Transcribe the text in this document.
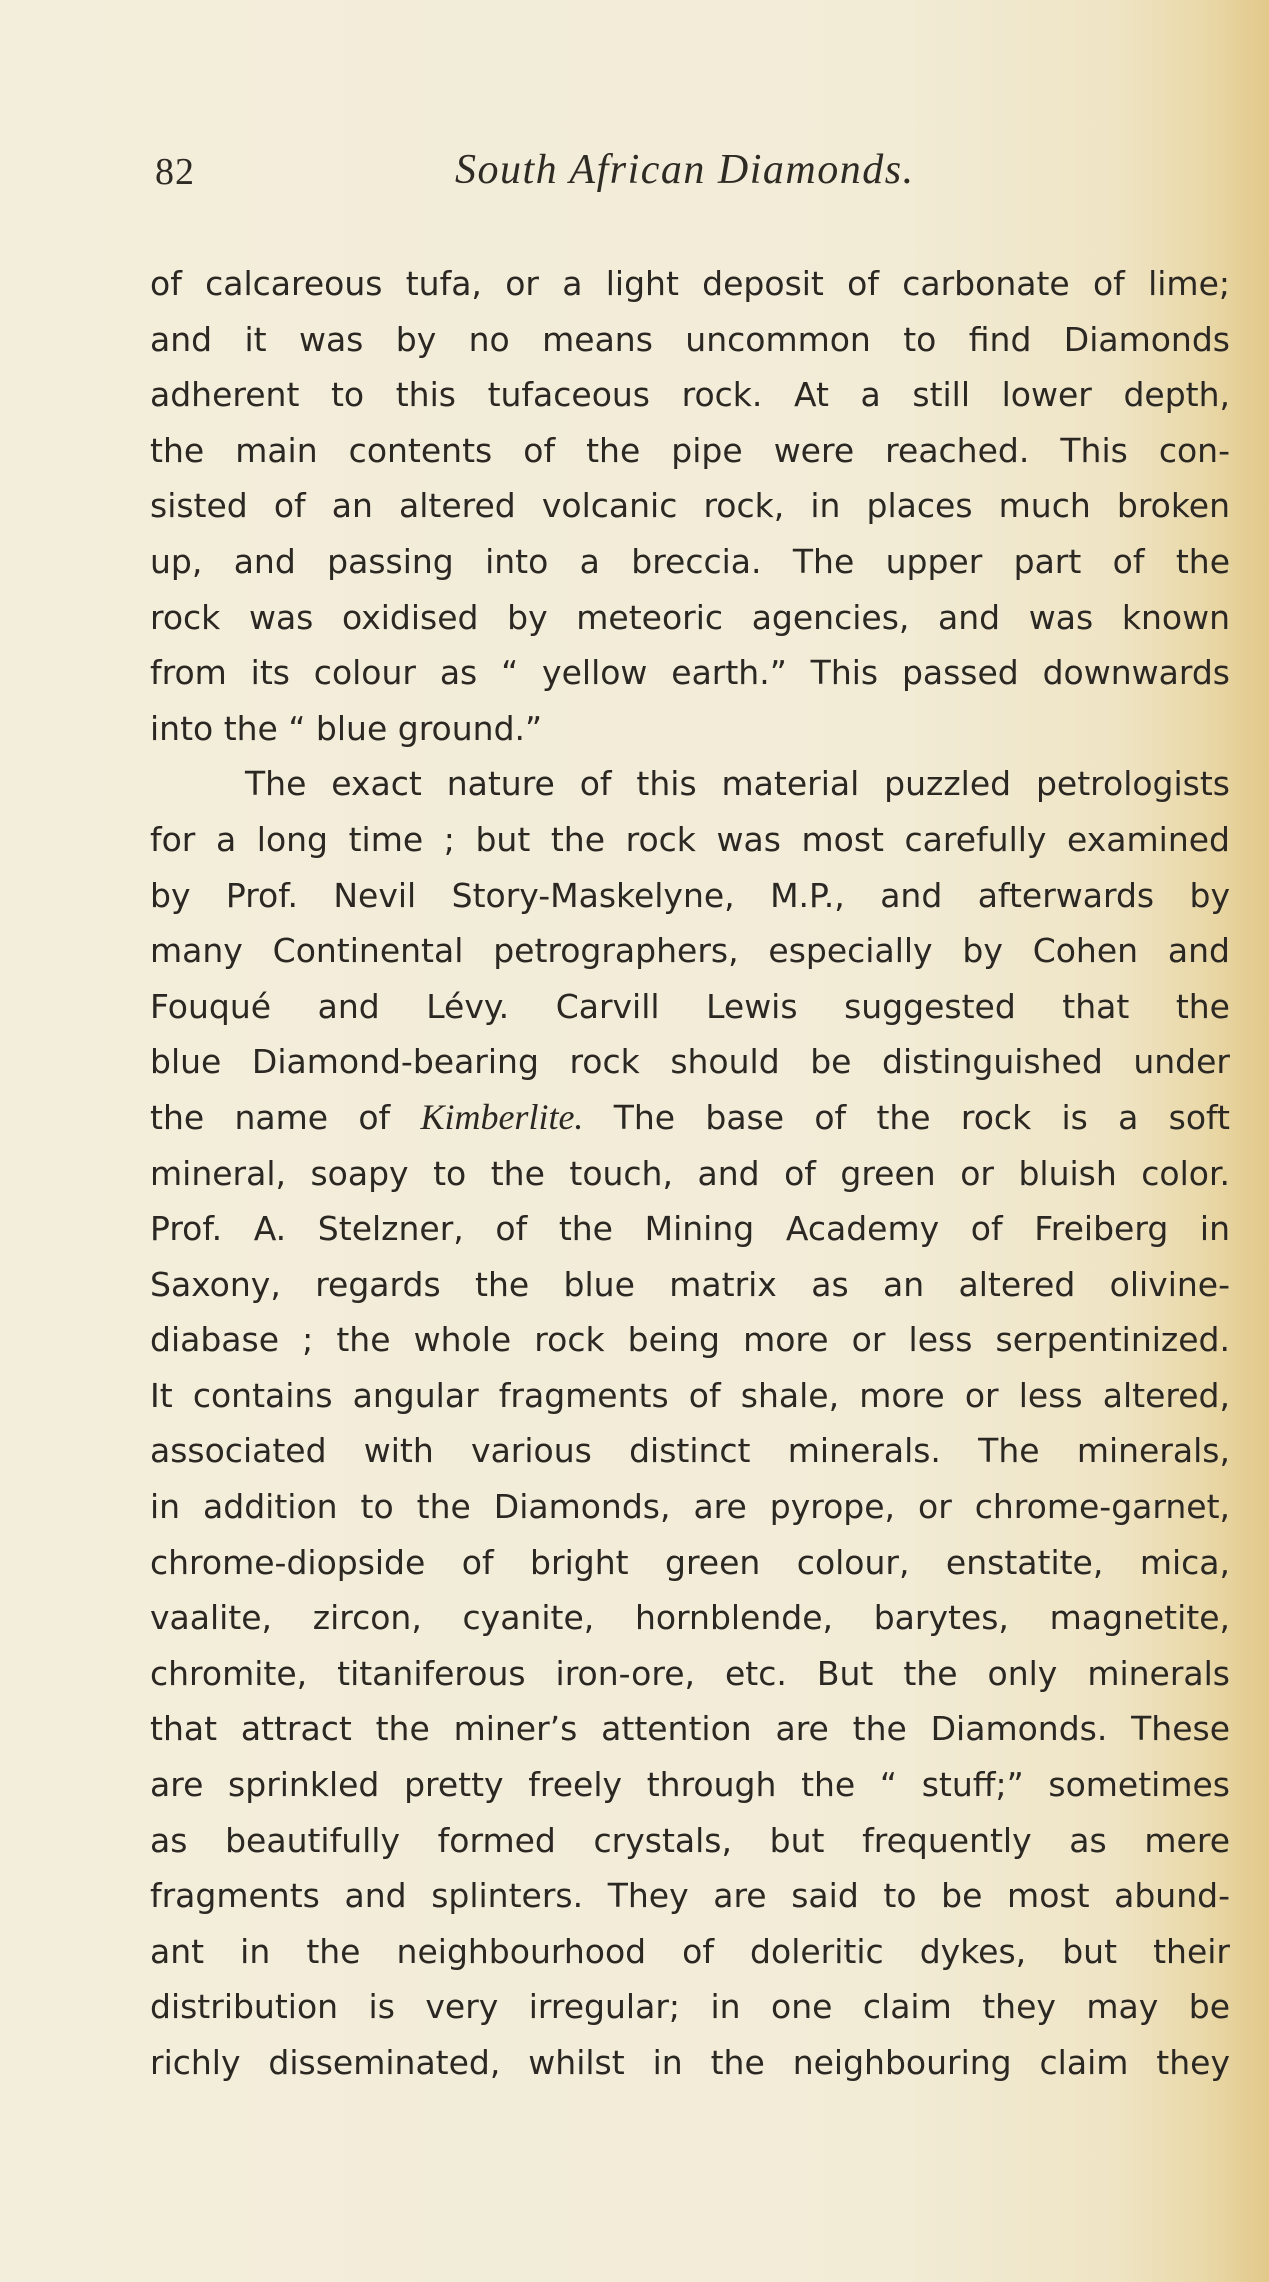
82	South African Diamonds.
of calcareous tufa, or a light deposit of carbonate of lime;
and it was by no means uncommon to find Diamonds
adherent to this tufaceous rock. At a still lower depth,
the main contents of the pipe were reached. This con-
sisted of an altered volcanic rock, in places much broken
up, and passing into a breccia. The upper part of the
rock was oxidised by meteoric agencies, and was known
from its colour as “ yellow earth.” This passed downwards
into the “ blue ground.”
The exact nature of this material puzzled petrologists
for a long time ; but the rock was most carefully examined
by Prof. Nevil Story-Maskelyne, M.P., and afterwards by
many Continental petrographers, especially by Cohen and
Fouqué and Lévy. Carvill Lewis suggested that the
blue Diamond-bearing rock should be distinguished under
the name of Kimberlite. The base of the rock is a soft
mineral, soapy to the touch, and of green or bluish color.
Prof. A. Stelzner, of the Mining Academy of Freiberg in
Saxony, regards the blue matrix as an altered olivine-
diabase ; the whole rock being more or less serpentinized.
It contains angular fragments of shale, more or less altered,
associated with various distinct minerals. The minerals,
in addition to the Diamonds, are pyrope, or chrome-garnet,
chrome-diopside of bright green colour, enstatite, mica,
vaalite, zircon, cyanite, hornblende, barytes, magnetite,
chromite, titaniferous iron-ore, etc. But the only minerals
that attract the miner’s attention are the Diamonds. These
are sprinkled pretty freely through the “ stuff;” sometimes
as beautifully formed crystals, but frequently as mere
fragments and splinters. They are said to be most abund-
ant in the neighbourhood of doleritic dykes, but their
distribution is very irregular; in one claim they may be
richly disseminated, whilst in the neighbouring claim they
